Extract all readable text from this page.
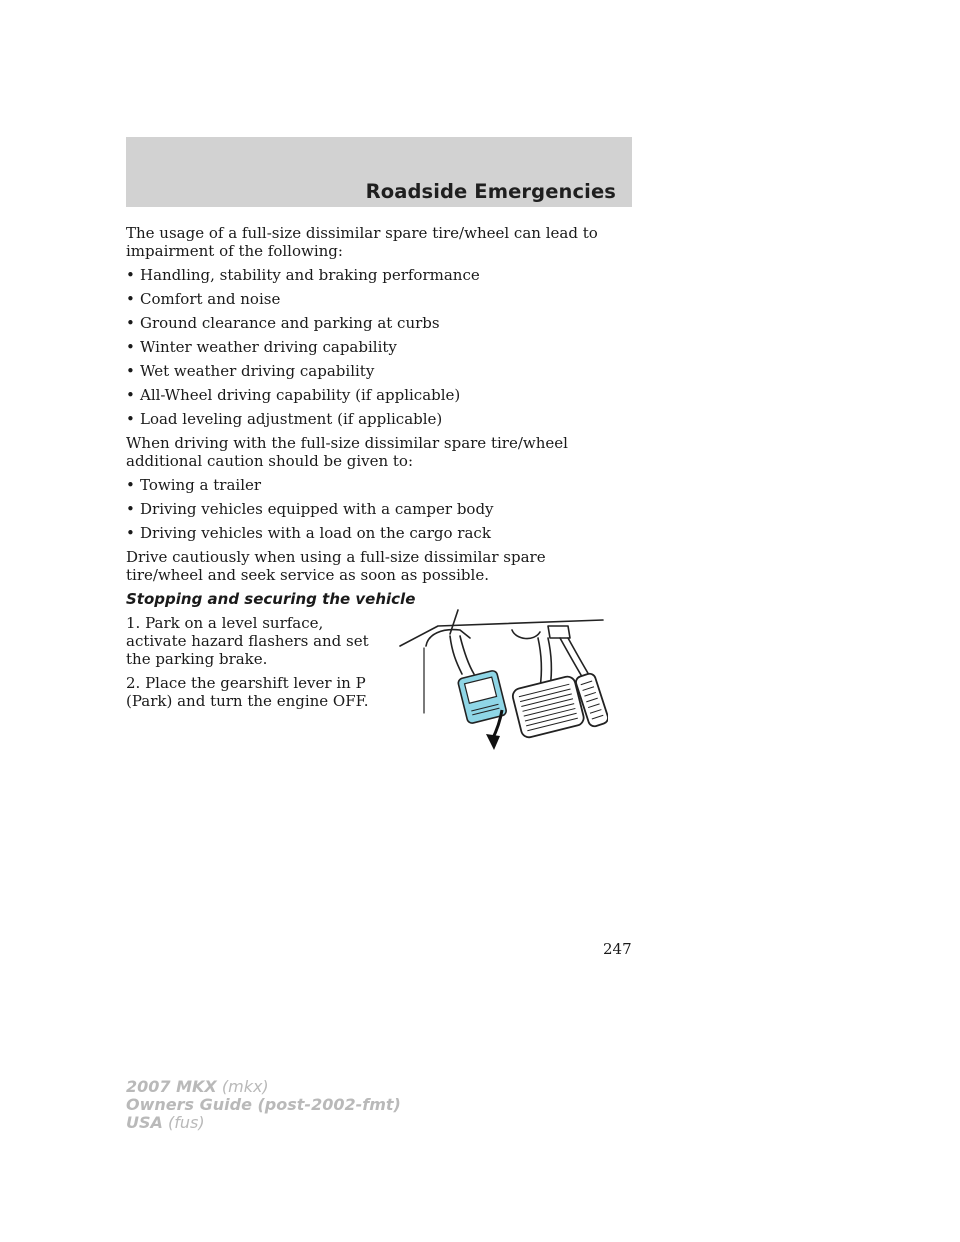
Roadside Emergencies

The usage of a full-size dissimilar spare tire/wheel can lead to impairment of the following:

• Handling, stability and braking performance
• Comfort and noise
• Ground clearance and parking at curbs
• Winter weather driving capability
• Wet weather driving capability
• All-Wheel driving capability (if applicable)
• Load leveling adjustment (if applicable)

When driving with the full-size dissimilar spare tire/wheel additional caution should be given to:

• Towing a trailer
• Driving vehicles equipped with a camper body
• Driving vehicles with a load on the cargo rack

Drive cautiously when using a full-size dissimilar spare tire/wheel and seek service as soon as possible.

Stopping and securing the vehicle

1. Park on a level surface, activate hazard flashers and set the parking brake.

2. Place the gearshift lever in P (Park) and turn the engine OFF.

247
2007 MKX (mkx)
Owners Guide (post-2002-fmt)
USA (fus)
